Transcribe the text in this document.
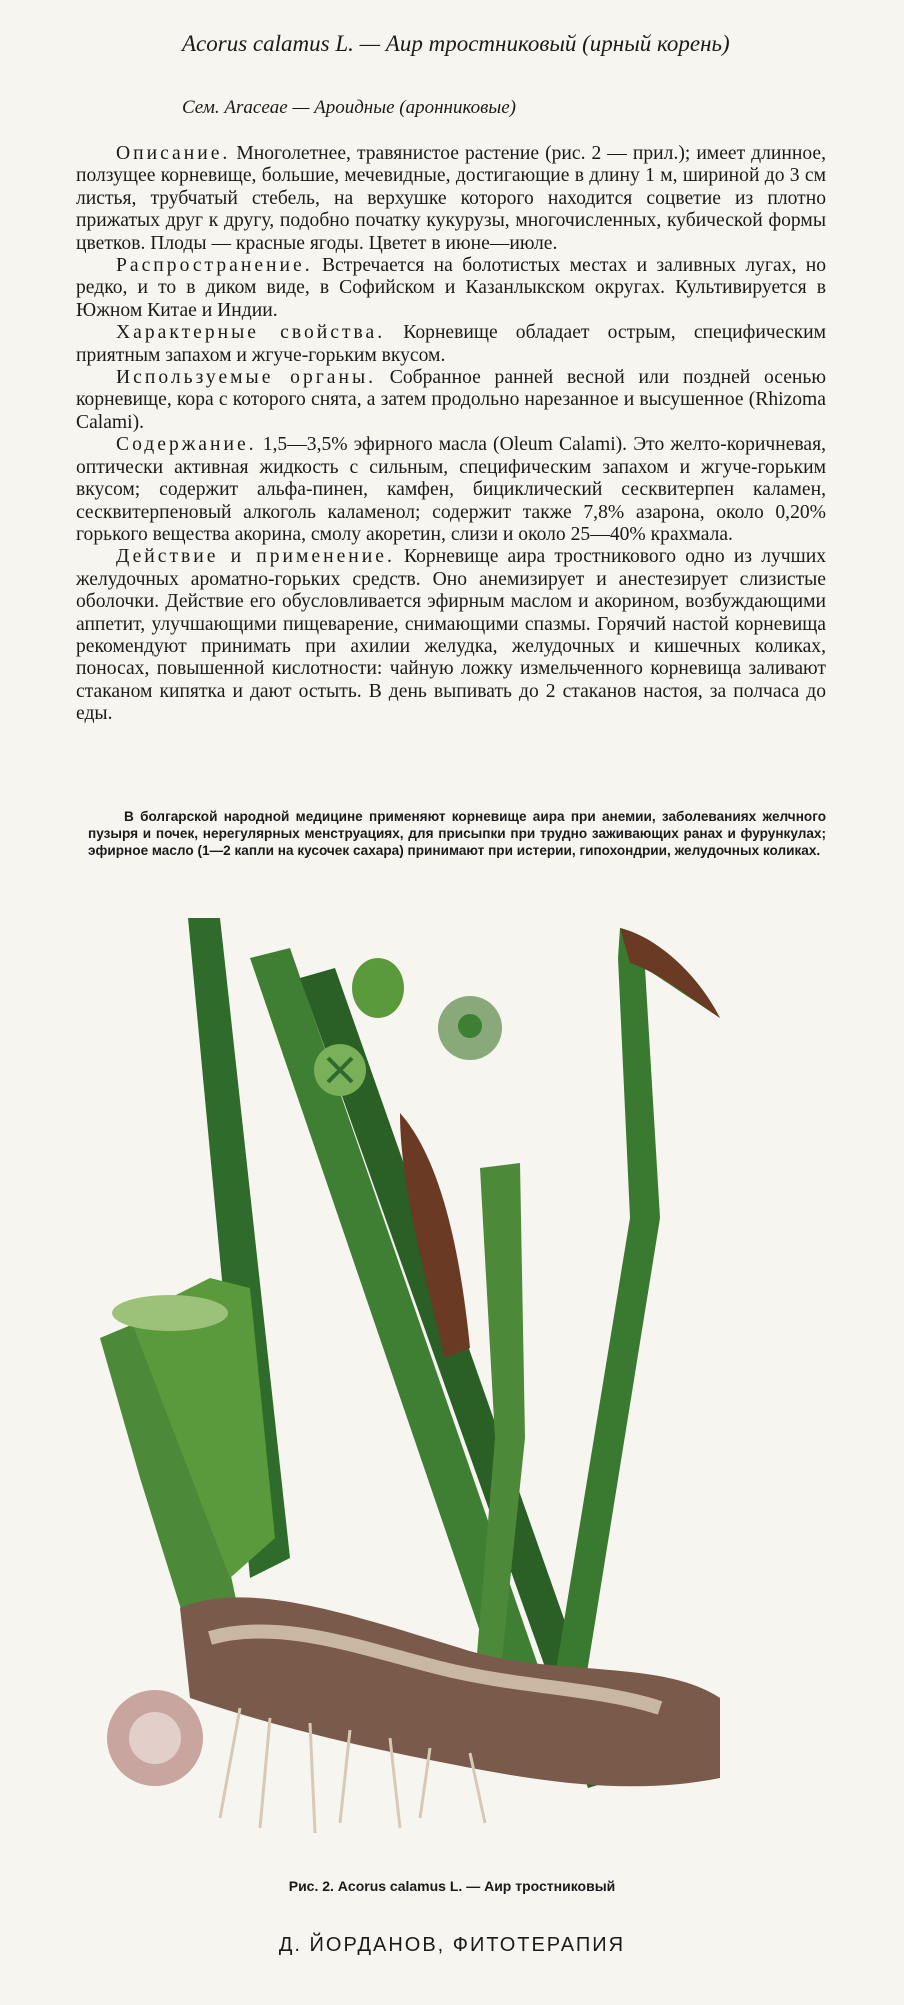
Acorus calamus L. — Аир тростниковый (ирный корень)
Сем. Araceae — Ароидные (аронниковые)

Описание. Многолетнее, травянистое растение (рис. 2 — прил.); имеет длинное, ползущее корневище, большие, мечевидные, достигающие в длину 1 м, шириной до 3 см листья, трубчатый стебель, на верхушке которого находится соцветие из плотно прижатых друг к другу, подобно початку кукурузы, многочисленных, кубической формы цветков. Плоды — красные ягоды. Цветет в июне—июле.

Распространение. Встречается на болотистых местах и заливных лугах, но редко, и то в диком виде, в Софийском и Казанлыкском округах. Культивируется в Южном Китае и Индии.

Характерные свойства. Корневище обладает острым, специфическим приятным запахом и жгуче-горьким вкусом.

Используемые органы. Собранное ранней весной или поздней осенью корневище, кора с которого снята, а затем продольно нарезанное и высушенное (Rhizoma Calami).

Содержание. 1,5—3,5% эфирного масла (Oleum Calami). Это желто-коричневая, оптически активная жидкость с сильным, специфическим запахом и жгуче-горьким вкусом; содержит альфа-пинен, камфен, бициклический сесквитерпен каламен, сесквитерпеновый алкоголь каламенол; содержит также 7,8% азарона, около 0,20% горького вещества акорина, смолу акоретин, слизи и около 25—40% крахмала.

Действие и применение. Корневище аира тростникового одно из лучших желудочных ароматно-горьких средств. Оно анемизирует и анестезирует слизистые оболочки. Действие его обусловливается эфирным маслом и акорином, возбуждающими аппетит, улучшающими пищеварение, снимающими спазмы. Горячий настой корневища рекомендуют принимать при ахилии желудка, желудочных и кишечных коликах, поносах, повышенной кислотности: чайную ложку измельченного корневища заливают стаканом кипятка и дают остыть. В день выпивать до 2 стаканов настоя, за полчаса до еды.

В болгарской народной медицине применяют корневище аира при анемии, заболеваниях желчного пузыря и почек, нерегулярных менструациях, для присыпки при трудно заживающих ранах и фурункулах; эфирное масло (1—2 капли на кусочек сахара) принимают при истерии, гипохондрии, желудочных коликах.
Рис. 2. Acorus calamus L. — Аир тростниковый
Д. ЙОРДАНОВ, ФИТОТЕРАПИЯ
